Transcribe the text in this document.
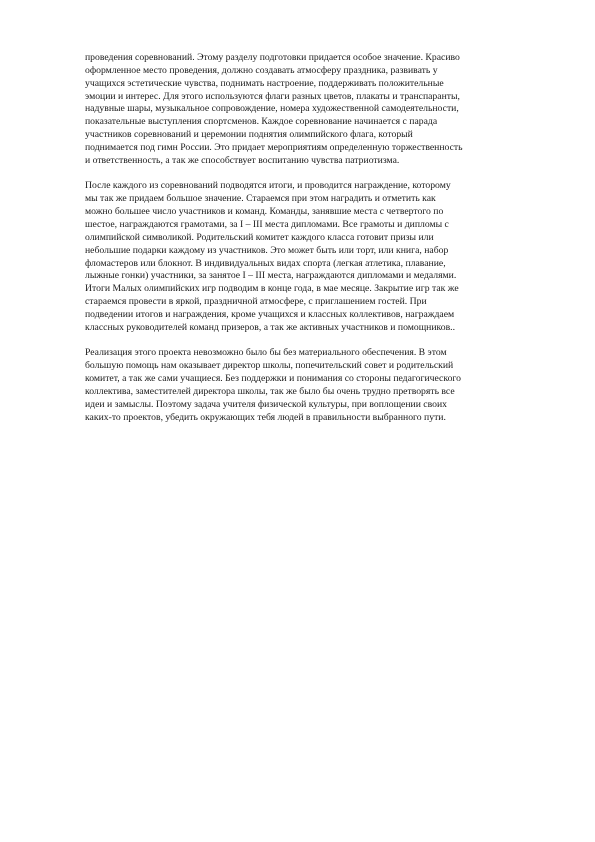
проведения соревнований. Этому разделу подготовки придается особое значение. Красиво
оформленное место проведения, должно создавать атмосферу праздника, развивать у
учащихся эстетические чувства, поднимать настроение, поддерживать положительные
эмоции и интерес. Для этого используются флаги разных цветов, плакаты и транспаранты,
надувные шары, музыкальное сопровождение, номера художественной самодеятельности,
показательные выступления спортсменов. Каждое соревнование начинается с парада
участников соревнований и церемонии поднятия олимпийского флага, который
поднимается под гимн России. Это придает мероприятиям определенную торжественность
и ответственность, а так же способствует воспитанию чувства патриотизма.

После каждого из соревнований подводятся итоги, и проводится награждение, которому
мы так же придаем большое значение. Стараемся при этом наградить и отметить как
можно большее число участников и команд. Команды, занявшие места с четвертого по
шестое, награждаются грамотами, за I – III места дипломами. Все грамоты и дипломы с
олимпийской символикой. Родительский комитет каждого класса готовит призы или
небольшие подарки каждому из участников. Это может быть или торт, или книга, набор
фломастеров или блокнот. В индивидуальных видах спорта (легкая атлетика, плавание,
лыжные гонки) участники, за занятое I – III места, награждаются дипломами и медалями.
Итоги Малых олимпийских игр подводим в конце года, в мае месяце. Закрытие игр так же
стараемся провести в яркой, праздничной атмосфере, с приглашением гостей. При
подведении итогов и награждения, кроме учащихся и классных коллективов, награждаем
классных руководителей команд призеров, а так же активных участников и помощников..

Реализация этого проекта невозможно было бы без материального обеспечения. В этом
большую помощь нам оказывает директор школы, попечительский совет и родительский
комитет, а так же сами учащиеся. Без поддержки и понимания со стороны педагогического
коллектива, заместителей директора школы, так же было бы очень трудно претворять все
идеи и замыслы. Поэтому задача учителя физической культуры, при воплощении своих
каких-то проектов, убедить окружающих тебя людей в правильности выбранного пути.
